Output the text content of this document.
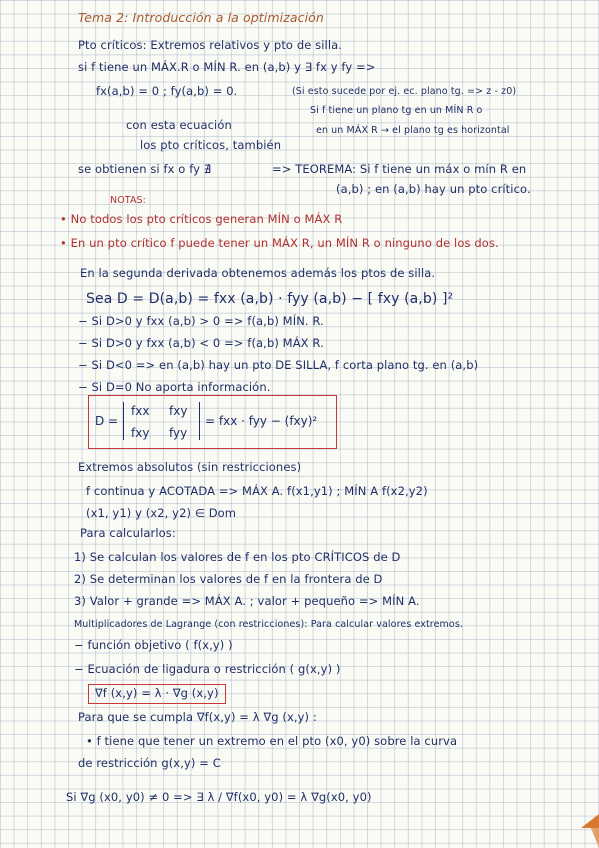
Tema 2: Introducción a la optimización
Pto críticos: Extremos relativos y pto de silla.
si f tiene un MÁX.R o MÍN R. en (a,b) y ∃ fx y fy =>
fx(a,b) = 0 ; fy(a,b) = 0.	(Si esto sucede por ej. ec. plano tg. => z - z0)
Si f tiene un plano tg en un MÍN R o
con esta ecuación	en un MÁX R → el plano tg es horizontal
los pto críticos, también
se obtienen si fx o fy ∄	=> TEOREMA: Si f tiene un máx o mín R en
(a,b) ; en (a,b) hay un pto crítico.
NOTAS:
• No todos los pto críticos generan MÍN o MÁX R
• En un pto crítico f puede tener un MÁX R, un MÍN R o ninguno de los dos.
En la segunda derivada obtenemos además los ptos de silla.
Sea D = D(a,b) = fxx (a,b) · fyy (a,b) − [ fxy (a,b) ]²
− Si D>0 y fxx (a,b) > 0 => f(a,b) MÍN. R.
− Si D>0 y fxx (a,b) < 0 => f(a,b) MÁX R.
− Si D<0 => en (a,b) hay un pto DE SILLA, f corta plano tg. en (a,b)
− Si D=0 No aporta información.
D =
fxx fxy
fxy fyy
= fxx · fyy − (fxy)²
Extremos absolutos (sin restricciones)
f continua y ACOTADA => MÁX A. f(x1,y1) ; MÍN A f(x2,y2)
(x1, y1) y (x2, y2) ∈ Dom
Para calcularlos:
1) Se calculan los valores de f en los pto CRÍTICOS de D
2) Se determinan los valores de f en la frontera de D
3) Valor + grande => MÁX A. ; valor + pequeño => MÍN A.
Multiplicadores de Lagrange (con restricciones): Para calcular valores extremos.
− función objetivo ( f(x,y) )
− Ecuación de ligadura o restricción ( g(x,y) )
∇f (x,y) = λ · ∇g (x,y)
Para que se cumpla ∇f(x,y) = λ ∇g (x,y) :
• f tiene que tener un extremo en el pto (x0, y0) sobre la curva
de restricción g(x,y) = C
Si ∇g (x0, y0) ≠ 0 => ∃ λ / ∇f(x0, y0) = λ ∇g(x0, y0)
